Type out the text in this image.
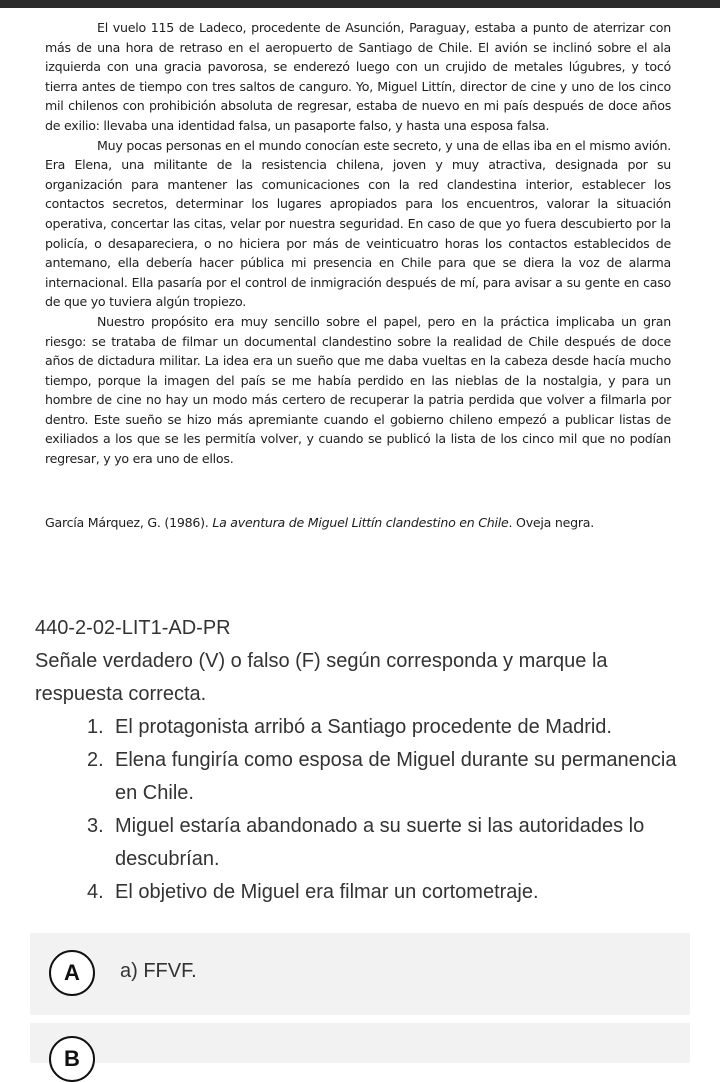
El vuelo 115 de Ladeco, procedente de Asunción, Paraguay, estaba a punto de aterrizar con más de una hora de retraso en el aeropuerto de Santiago de Chile. El avión se inclinó sobre el ala izquierda con una gracia pavorosa, se enderezó luego con un crujido de metales lúgubres, y tocó tierra antes de tiempo con tres saltos de canguro. Yo, Miguel Littín, director de cine y uno de los cinco mil chilenos con prohibición absoluta de regresar, estaba de nuevo en mi país después de doce años de exilio: llevaba una identidad falsa, un pasaporte falso, y hasta una esposa falsa.

Muy pocas personas en el mundo conocían este secreto, y una de ellas iba en el mismo avión. Era Elena, una militante de la resistencia chilena, joven y muy atractiva, designada por su organización para mantener las comunicaciones con la red clandestina interior, establecer los contactos secretos, determinar los lugares apropiados para los encuentros, valorar la situación operativa, concertar las citas, velar por nuestra seguridad. En caso de que yo fuera descubierto por la policía, o desapareciera, o no hiciera por más de veinticuatro horas los contactos establecidos de antemano, ella debería hacer pública mi presencia en Chile para que se diera la voz de alarma internacional. Ella pasaría por el control de inmigración después de mí, para avisar a su gente en caso de que yo tuviera algún tropiezo.

Nuestro propósito era muy sencillo sobre el papel, pero en la práctica implicaba un gran riesgo: se trataba de filmar un documental clandestino sobre la realidad de Chile después de doce años de dictadura militar. La idea era un sueño que me daba vueltas en la cabeza desde hacía mucho tiempo, porque la imagen del país se me había perdido en las nieblas de la nostalgia, y para un hombre de cine no hay un modo más certero de recuperar la patria perdida que volver a filmarla por dentro. Este sueño se hizo más apremiante cuando el gobierno chileno empezó a publicar listas de exiliados a los que se les permitía volver, y cuando se publicó la lista de los cinco mil que no podían regresar, y yo era uno de ellos.

García Márquez, G. (1986). La aventura de Miguel Littín clandestino en Chile. Oveja negra.

440-2-02-LIT1-AD-PR

Señale verdadero (V) o falso (F) según corresponda y marque la respuesta correcta.

1. El protagonista arribó a Santiago procedente de Madrid.
2. Elena fungiría como esposa de Miguel durante su permanencia en Chile.
3. Miguel estaría abandonado a su suerte si las autoridades lo descubrían.
4. El objetivo de Miguel era filmar un cortometraje.
A	a) FFVF.
B
